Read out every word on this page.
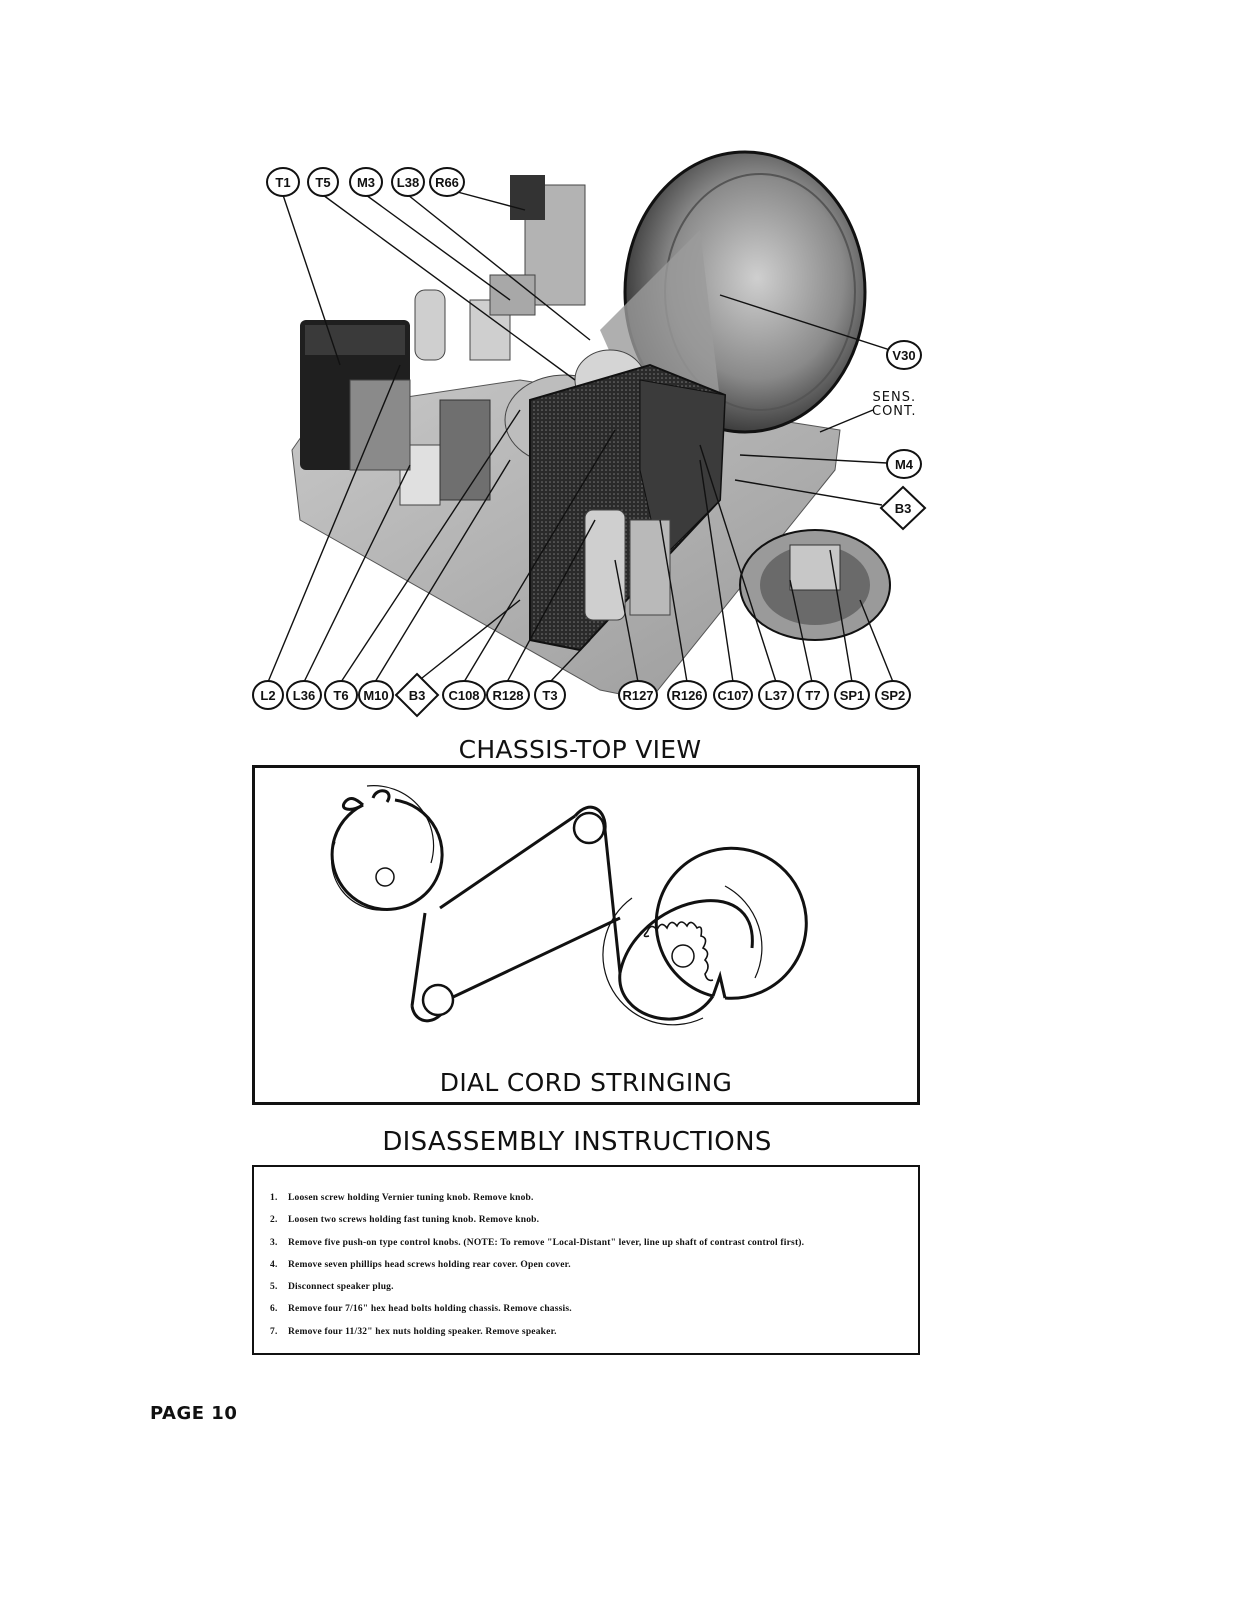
T1	T5	M3	L38	R66
V30
M4
B3
SENS.
CONT.
L2	L36	T6	M10	B3	C108 R128	T3	R127 R126 C107	L37	T7	SP1	SP2
CHASSIS-TOP VIEW
DIAL CORD STRINGING
DISASSEMBLY INSTRUCTIONS
1. Loosen screw holding Vernier tuning knob. Remove knob.
2. Loosen two screws holding fast tuning knob. Remove knob.
3. Remove five push-on type control knobs. (NOTE: To remove "Local-Distant" lever, line up shaft of contrast control first).
4. Remove seven phillips head screws holding rear cover. Open cover.
5. Disconnect speaker plug.
6. Remove four 7/16" hex head bolts holding chassis. Remove chassis.
7. Remove four 11/32" hex nuts holding speaker. Remove speaker.
PAGE 10
